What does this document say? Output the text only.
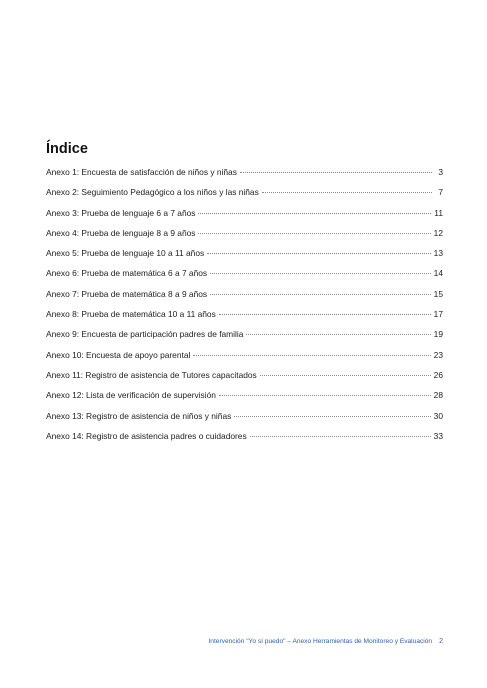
Índice
Anexo 1: Encuesta de satisfacción de niños y niñas	3
Anexo 2: Seguimiento Pedagógico a los niños y las niñas	7
Anexo 3: Prueba de lenguaje 6 a 7 años	11
Anexo 4: Prueba de lenguaje 8 a 9 años	12
Anexo 5: Prueba de lenguaje 10 a 11 años	13
Anexo 6: Prueba de matemática 6 a 7 años	14
Anexo 7: Prueba de matemática 8 a 9 años	15
Anexo 8: Prueba de matemática 10 a 11 años	17
Anexo 9: Encuesta de participación padres de familia	19
Anexo 10: Encuesta de apoyo parental	23
Anexo 11: Registro de asistencia de Tutores capacitados	26
Anexo 12: Lista de verificación de supervisión	28
Anexo 13: Registro de asistencia de niños y niñas	30
Anexo 14: Registro de asistencia padres o cuidadores	33
Intervención "Yo sí puedo" – Anexo Herramientas de Monitoreo y Evaluación 2
